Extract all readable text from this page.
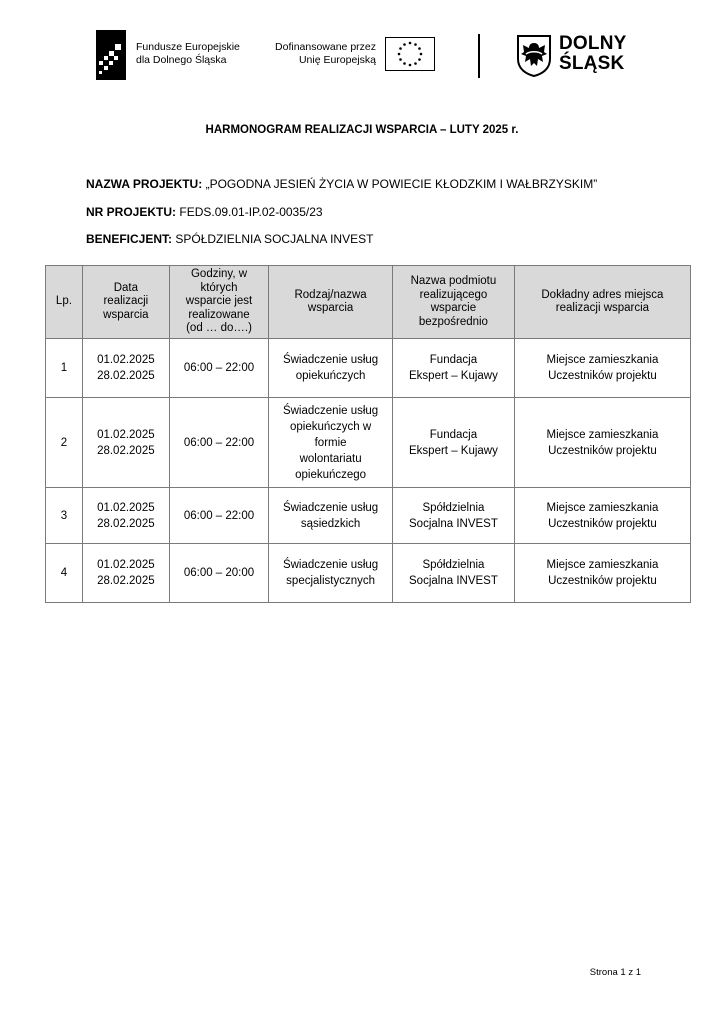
Fundusze Europejskie
dla Dolnego Śląska
Dofinansowane przez
Unię Europejską
DOLNY
ŚLĄSK
HARMONOGRAM REALIZACJI WSPARCIA – LUTY 2025 r.
NAZWA PROJEKTU: „POGODNA JESIEŃ ŻYCIA W POWIECIE KŁODZKIM I WAŁBRZYSKIM”
NR PROJEKTU: FEDS.09.01-IP.02-0035/23
BENEFICJENT: SPÓŁDZIELNIA SOCJALNA INVEST
Lp.	Data
realizacji
wsparcia	Godziny, w
których
wsparcie jest
realizowane
(od … do….)	Rodzaj/nazwa
wsparcia	Nazwa podmiotu
realizującego
wsparcie
bezpośrednio	Dokładny adres miejsca
realizacji wsparcia
1	01.02.2025
28.02.2025	06:00 – 22:00	Świadczenie usług
opiekuńczych	Fundacja
Ekspert – Kujawy	Miejsce zamieszkania
Uczestników projektu
2	01.02.2025
28.02.2025	06:00 – 22:00	Świadczenie usług
opiekuńczych w
formie
wolontariatu
opiekuńczego	Fundacja
Ekspert – Kujawy	Miejsce zamieszkania
Uczestników projektu
3	01.02.2025
28.02.2025	06:00 – 22:00	Świadczenie usług
sąsiedzkich	Spółdzielnia
Socjalna INVEST	Miejsce zamieszkania
Uczestników projektu
4	01.02.2025
28.02.2025	06:00 – 20:00	Świadczenie usług
specjalistycznych	Spółdzielnia
Socjalna INVEST	Miejsce zamieszkania
Uczestników projektu
Strona 1 z 1
